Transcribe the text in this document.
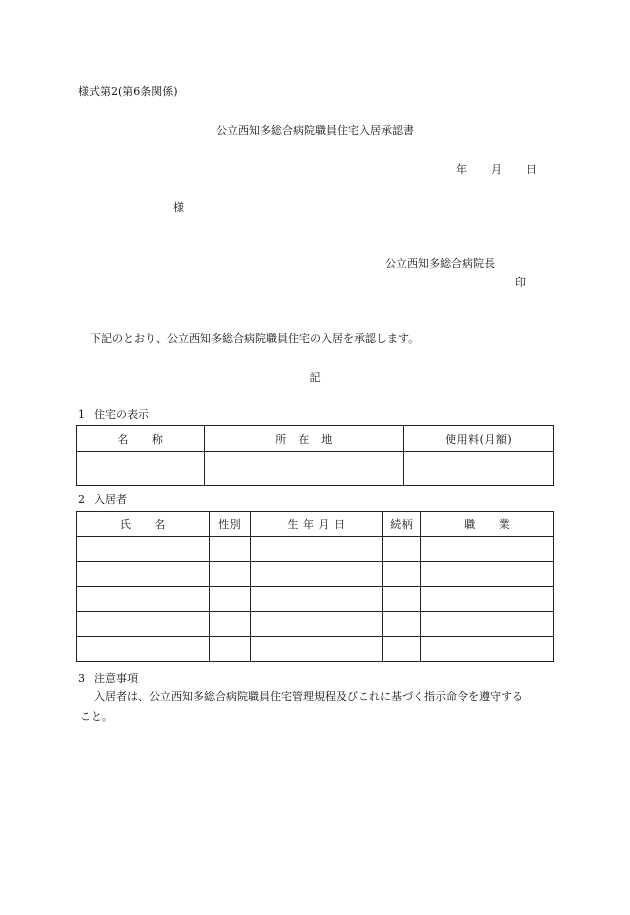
様式第2(第6条関係)
公立西知多総合病院職員住宅入居承認書
年 月 日
様
公立西知多総合病院長
印
下記のとおり、公立西知多総合病院職員住宅の入居を承認します。
記
1 住宅の表示
名　　称	所　在　地	使用料(月額)

2 入居者
氏　　名	性別	生 年 月 日	続柄	職　　業

3 注意事項
入居者は、公立西知多総合病院職員住宅管理規程及びこれに基づく指示命令を遵守する
こと。
